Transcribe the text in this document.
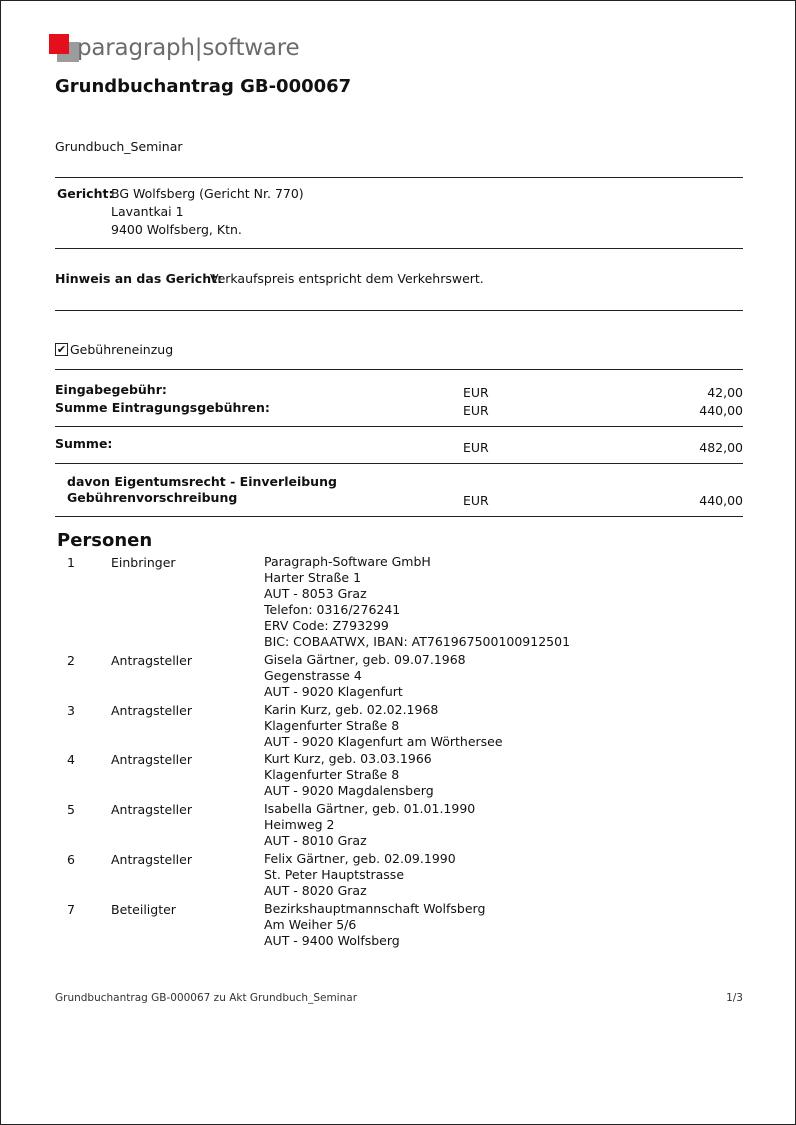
paragraph|software
Grundbuchantrag GB-000067
Grundbuch_Seminar
Gericht:
BG Wolfsberg (Gericht Nr. 770)
Lavantkai 1
9400 Wolfsberg, Ktn.
Hinweis an das Gericht:
Verkaufspreis entspricht dem Verkehrswert.
✔ Gebühreneinzug
Eingabegebühr:	EUR	42,00
Summe Eintragungsgebühren:	EUR	440,00
Summe:	EUR	482,00
davon Eigentumsrecht - Einverleibung
Gebührenvorschreibung	EUR	440,00
Personen
1	Einbringer	Paragraph-Software GmbH
Harter Straße 1
AUT - 8053 Graz
Telefon: 0316/276241
ERV Code: Z793299
BIC: COBAATWX, IBAN: AT761967500100912501
2	Antragsteller	Gisela Gärtner, geb. 09.07.1968
Gegenstrasse 4
AUT - 9020 Klagenfurt
3	Antragsteller	Karin Kurz, geb. 02.02.1968
Klagenfurter Straße 8
AUT - 9020 Klagenfurt am Wörthersee
4	Antragsteller	Kurt Kurz, geb. 03.03.1966
Klagenfurter Straße 8
AUT - 9020 Magdalensberg
5	Antragsteller	Isabella Gärtner, geb. 01.01.1990
Heimweg 2
AUT - 8010 Graz
6	Antragsteller	Felix Gärtner, geb. 02.09.1990
St. Peter Hauptstrasse
AUT - 8020 Graz
7	Beteiligter	Bezirkshauptmannschaft Wolfsberg
Am Weiher 5/6
AUT - 9400 Wolfsberg
Grundbuchantrag GB-000067 zu Akt Grundbuch_Seminar	1/3
